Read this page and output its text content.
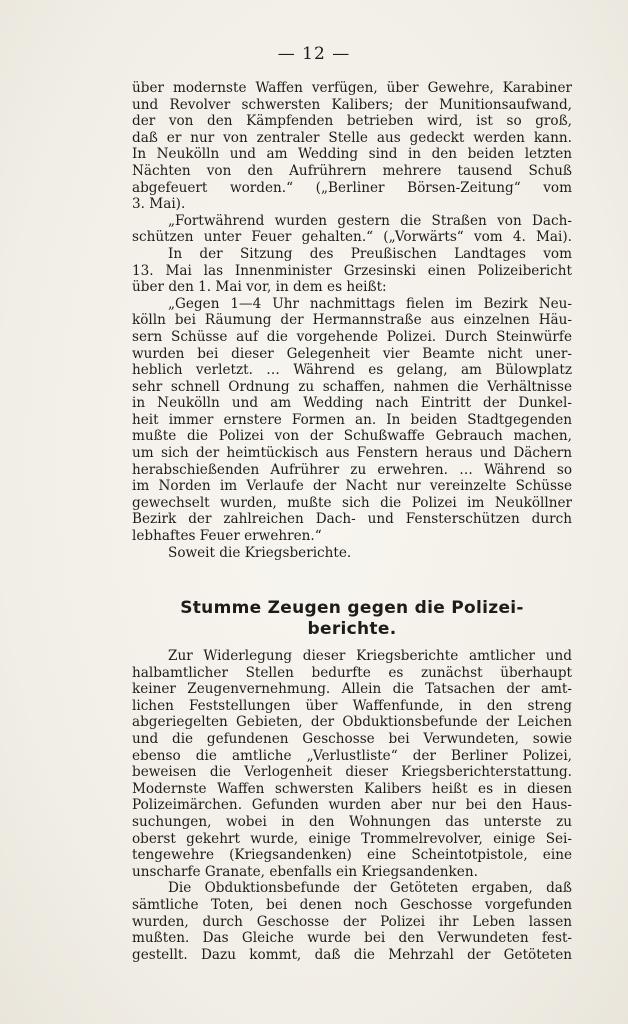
— 12 —
über modernste Waffen verfügen, über Gewehre, Karabiner
und Revolver schwersten Kalibers; der Munitionsaufwand,
der von den Kämpfenden betrieben wird, ist so groß,
daß er nur von zentraler Stelle aus gedeckt werden kann.
In Neukölln und am Wedding sind in den beiden letzten
Nächten von den Aufrührern mehrere tausend Schuß
abgefeuert worden.“ („Berliner Börsen-Zeitung“ vom
3. Mai).
„Fortwährend wurden gestern die Straßen von Dach-
schützen unter Feuer gehalten.“ („Vorwärts“ vom 4. Mai).
In der Sitzung des Preußischen Landtages vom
13. Mai las Innenminister Grzesinski einen Polizeibericht
über den 1. Mai vor, in dem es heißt:
„Gegen 1—4 Uhr nachmittags fielen im Bezirk Neu-
kölln bei Räumung der Hermannstraße aus einzelnen Häu-
sern Schüsse auf die vorgehende Polizei. Durch Steinwürfe
wurden bei dieser Gelegenheit vier Beamte nicht uner-
heblich verletzt. … Während es gelang, am Bülowplatz
sehr schnell Ordnung zu schaffen, nahmen die Verhältnisse
in Neukölln und am Wedding nach Eintritt der Dunkel-
heit immer ernstere Formen an. In beiden Stadtgegenden
mußte die Polizei von der Schußwaffe Gebrauch machen,
um sich der heimtückisch aus Fenstern heraus und Dächern
herabschießenden Aufrührer zu erwehren. … Während so
im Norden im Verlaufe der Nacht nur vereinzelte Schüsse
gewechselt wurden, mußte sich die Polizei im Neuköllner
Bezirk der zahlreichen Dach- und Fensterschützen durch
lebhaftes Feuer erwehren.“
Soweit die Kriegsberichte.
Stumme Zeugen gegen die Polizei-
berichte.
Zur Widerlegung dieser Kriegsberichte amtlicher und
halbamtlicher Stellen bedurfte es zunächst überhaupt
keiner Zeugenvernehmung. Allein die Tatsachen der amt-
lichen Feststellungen über Waffenfunde, in den streng
abgeriegelten Gebieten, der Obduktionsbefunde der Leichen
und die gefundenen Geschosse bei Verwundeten, sowie
ebenso die amtliche „Verlustliste“ der Berliner Polizei,
beweisen die Verlogenheit dieser Kriegsberichterstattung.
Modernste Waffen schwersten Kalibers heißt es in diesen
Polizeimärchen. Gefunden wurden aber nur bei den Haus-
suchungen, wobei in den Wohnungen das unterste zu
oberst gekehrt wurde, einige Trommelrevolver, einige Sei-
tengewehre (Kriegsandenken) eine Scheintotpistole, eine
unscharfe Granate, ebenfalls ein Kriegsandenken.
Die Obduktionsbefunde der Getöteten ergaben, daß
sämtliche Toten, bei denen noch Geschosse vorgefunden
wurden, durch Geschosse der Polizei ihr Leben lassen
mußten. Das Gleiche wurde bei den Verwundeten fest-
gestellt. Dazu kommt, daß die Mehrzahl der Getöteten
